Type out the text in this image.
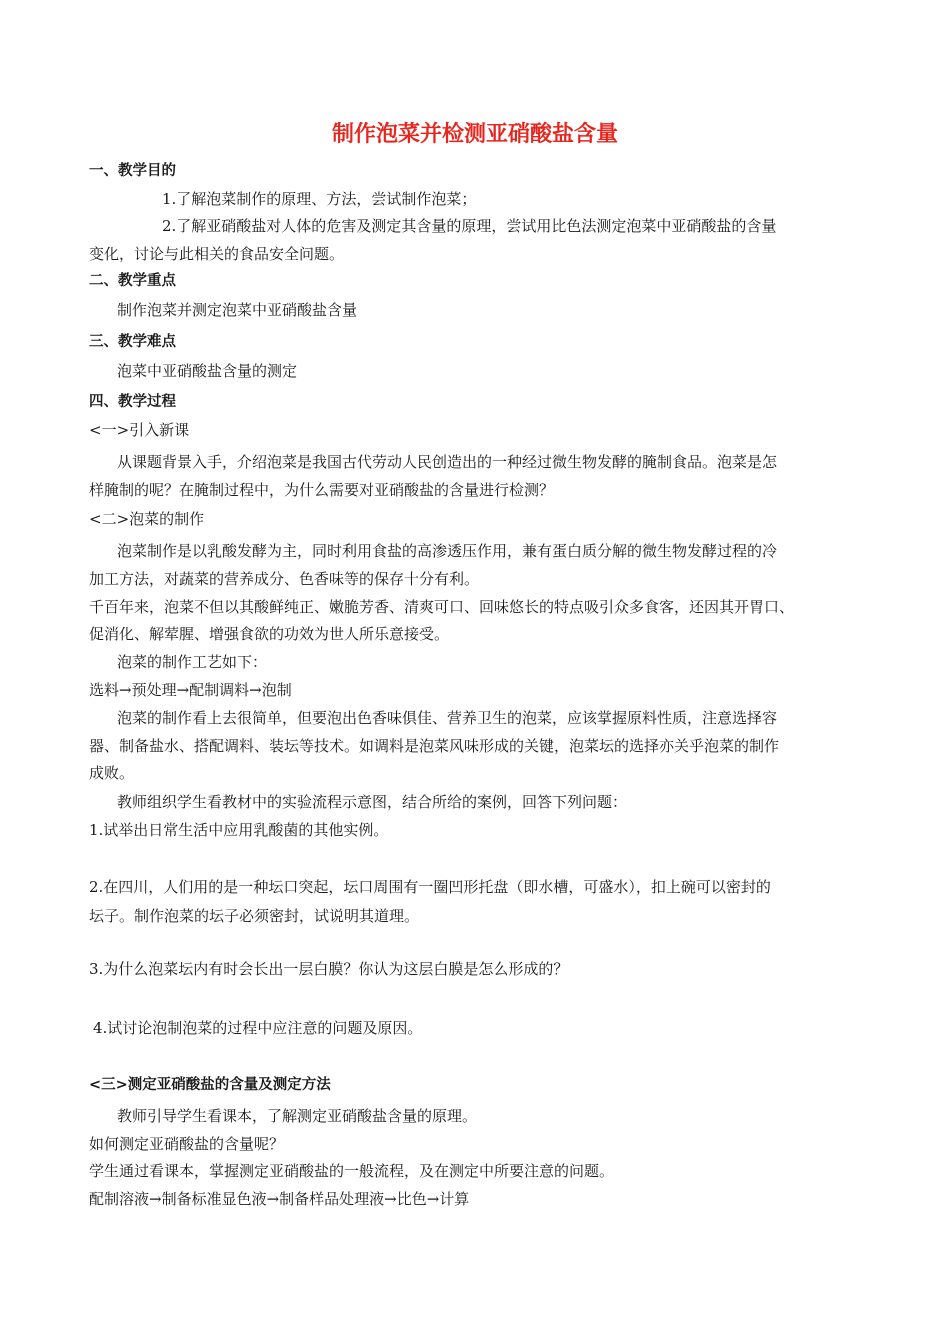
制作泡菜并检测亚硝酸盐含量
一、教学目的
1.了解泡菜制作的原理、方法，尝试制作泡菜；
2.了解亚硝酸盐对人体的危害及测定其含量的原理，尝试用比色法测定泡菜中亚硝酸盐的含量
变化，讨论与此相关的食品安全问题。
二、教学重点
制作泡菜并测定泡菜中亚硝酸盐含量
三、教学难点
泡菜中亚硝酸盐含量的测定
四、教学过程
<一>引入新课
从课题背景入手，介绍泡菜是我国古代劳动人民创造出的一种经过微生物发酵的腌制食品。泡菜是怎
样腌制的呢？在腌制过程中，为什么需要对亚硝酸盐的含量进行检测？
<二>泡菜的制作
泡菜制作是以乳酸发酵为主，同时利用食盐的高渗透压作用，兼有蛋白质分解的微生物发酵过程的冷
加工方法，对蔬菜的营养成分、色香味等的保存十分有利。
千百年来，泡菜不但以其酸鲜纯正、嫩脆芳香、清爽可口、回味悠长的特点吸引众多食客，还因其开胃口、
促消化、解荤腥、增强食欲的功效为世人所乐意接受。
泡菜的制作工艺如下：
选料→预处理→配制调料→泡制
泡菜的制作看上去很简单，但要泡出色香味俱佳、营养卫生的泡菜，应该掌握原料性质，注意选择容
器、制备盐水、搭配调料、装坛等技术。如调料是泡菜风味形成的关键，泡菜坛的选择亦关乎泡菜的制作
成败。
教师组织学生看教材中的实验流程示意图，结合所给的案例，回答下列问题：
1.试举出日常生活中应用乳酸菌的其他实例。
2.在四川，人们用的是一种坛口突起，坛口周围有一圈凹形托盘（即水槽，可盛水），扣上碗可以密封的
坛子。制作泡菜的坛子必须密封，试说明其道理。
3.为什么泡菜坛内有时会长出一层白膜？你认为这层白膜是怎么形成的？
4.试讨论泡制泡菜的过程中应注意的问题及原因。
<三>测定亚硝酸盐的含量及测定方法
教师引导学生看课本，了解测定亚硝酸盐含量的原理。
如何测定亚硝酸盐的含量呢？
学生通过看课本，掌握测定亚硝酸盐的一般流程，及在测定中所要注意的问题。
配制溶液→制备标准显色液→制备样品处理液→比色→计算
